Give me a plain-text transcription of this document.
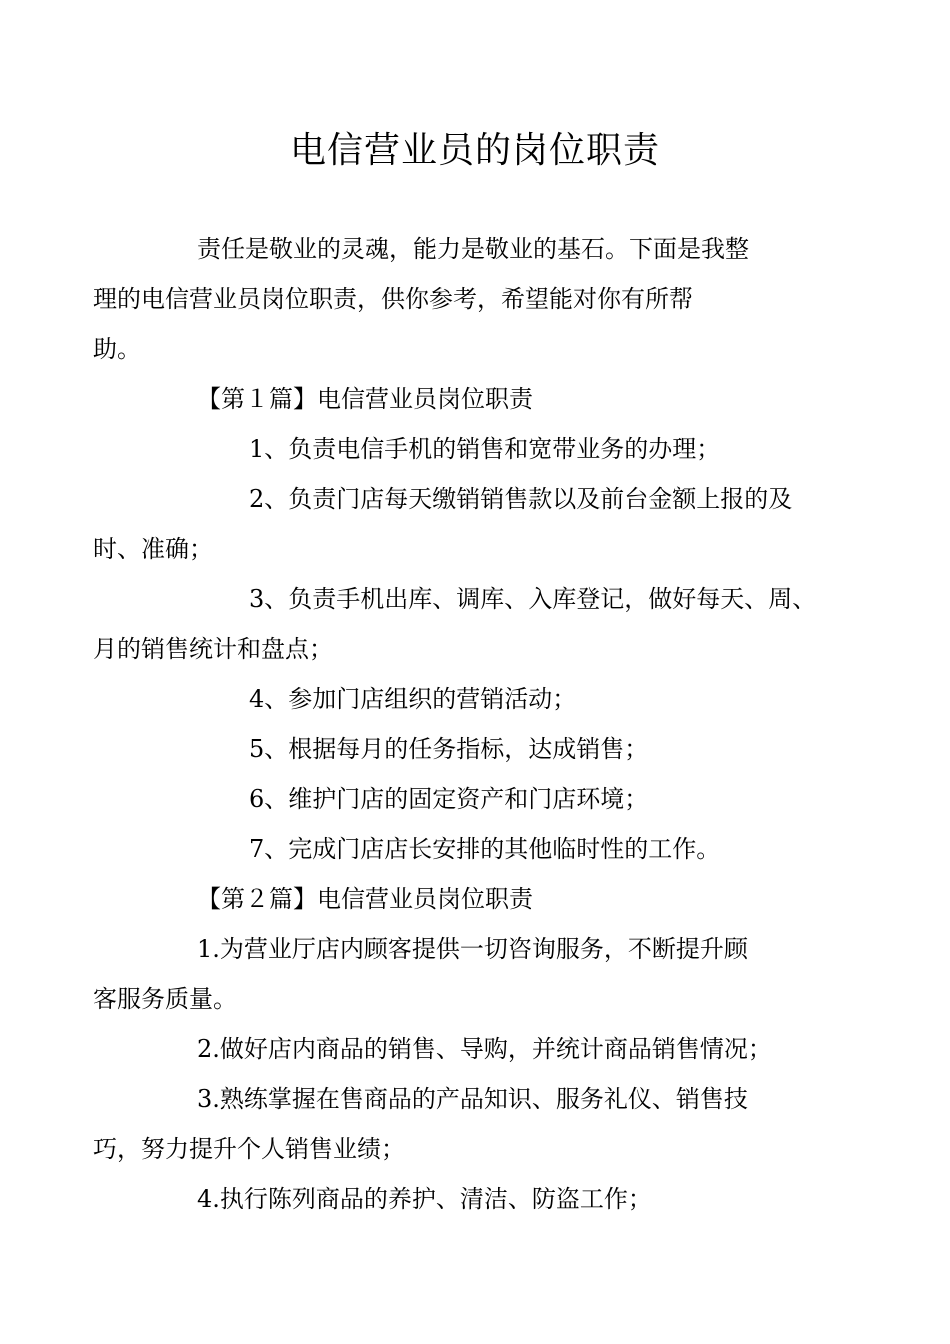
电信营业员的岗位职责

责任是敬业的灵魂，能力是敬业的基石。下面是我整
理的电信营业员岗位职责，供你参考，希望能对你有所帮
助。

【第１篇】电信营业员岗位职责

1、负责电信手机的销售和宽带业务的办理；

2、负责门店每天缴销销售款以及前台金额上报的及
时、准确；

3、负责手机出库、调库、入库登记，做好每天、周、
月的销售统计和盘点；

4、参加门店组织的营销活动；

5、根据每月的任务指标，达成销售；

6、维护门店的固定资产和门店环境；

7、完成门店店长安排的其他临时性的工作。

【第２篇】电信营业员岗位职责

1.为营业厅店内顾客提供一切咨询服务，不断提升顾
客服务质量。

2.做好店内商品的销售、导购，并统计商品销售情况；

3.熟练掌握在售商品的产品知识、服务礼仪、销售技
巧，努力提升个人销售业绩；

4.执行陈列商品的养护、清洁、防盗工作；
